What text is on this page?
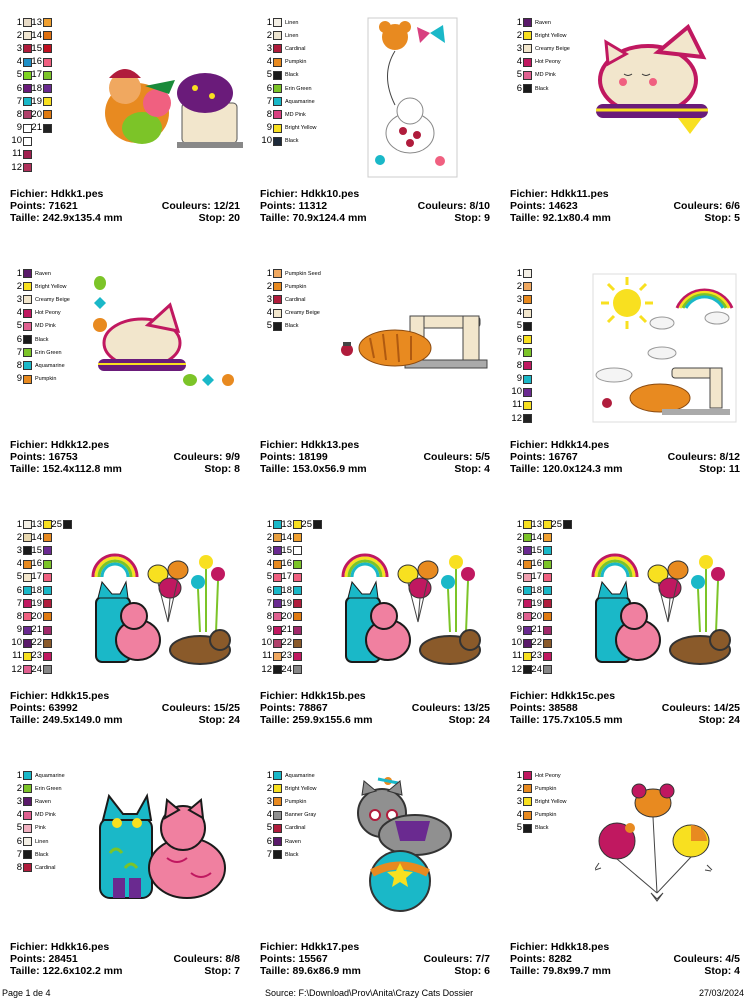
1
2
3
4
5
6
7
8
9
10
11
12
13
14
15
16
17
18
19
20
21
Fichier: Hdkk1.pes
Points: 71621	Couleurs: 12/21
Taille: 242.9x135.4 mm	Stop: 20
1 Linen
2 Linen
3 Cardinal
4 Pumpkin
5 Black
6 Erin Green
7 Aquamarine
8 MD Pink
9 Bright Yellow
10 Black
Fichier: Hdkk10.pes
Points: 11312	Couleurs: 8/10
Taille: 70.9x124.4 mm	Stop: 9
1 Raven
2 Bright Yellow
3 Creamy Beige
4 Hot Peony
5 MD Pink
6 Black
Fichier: Hdkk11.pes
Points: 14623	Couleurs: 6/6
Taille: 92.1x80.4 mm	Stop: 5
1 Raven
2 Bright Yellow
3 Creamy Beige
4 Hot Peony
5 MD Pink
6 Black
7 Erin Green
8 Aquamarine
9 Pumpkin
Fichier: Hdkk12.pes
Points: 16753	Couleurs: 9/9
Taille: 152.4x112.8 mm	Stop: 8
1 Pumpkin Seed
2 Pumpkin
3 Cardinal
4 Creamy Beige
5 Black
Fichier: Hdkk13.pes
Points: 18199	Couleurs: 5/5
Taille: 153.0x56.9 mm	Stop: 4
1
2
3
4
5
6
7
8
9
10
11
12
Fichier: Hdkk14.pes
Points: 16767	Couleurs: 8/12
Taille: 120.0x124.3 mm	Stop: 11
1
2
3
4
5
6
7
8
9
10
11
12
13
14
15
16
17
18
19
20
21
22
23
24
25
Fichier: Hdkk15.pes
Points: 63992	Couleurs: 15/25
Taille: 249.5x149.0 mm	Stop: 24
1
2
3
4
5
6
7
8
9
10
11
12
13
14
15
16
17
18
19
20
21
22
23
24
25
Fichier: Hdkk15b.pes
Points: 78867	Couleurs: 13/25
Taille: 259.9x155.6 mm	Stop: 24
1
2
3
4
5
6
7
8
9
10
11
12
13
14
15
16
17
18
19
20
21
22
23
24
25
Fichier: Hdkk15c.pes
Points: 38588	Couleurs: 14/25
Taille: 175.7x105.5 mm	Stop: 24
1 Aquamarine
2 Erin Green
3 Raven
4 MD Pink
5 Pink
6 Linen
7 Black
8 Cardinal
Fichier: Hdkk16.pes
Points: 28451	Couleurs: 8/8
Taille: 122.6x102.2 mm	Stop: 7
1 Aquamarine
2 Bright Yellow
3 Pumpkin
4 Banner Gray
5 Cardinal
6 Raven
7 Black
Fichier: Hdkk17.pes
Points: 15567	Couleurs: 7/7
Taille: 89.6x86.9 mm	Stop: 6
1 Hot Peony
2 Pumpkin
3 Bright Yellow
4 Pumpkin
5 Black
Fichier: Hdkk18.pes
Points: 8282	Couleurs: 4/5
Taille: 79.8x99.7 mm	Stop: 4
Page 1 de 4	Source: F:\Download\Prov\Anita\Crazy Cats Dossier	27/03/2024
